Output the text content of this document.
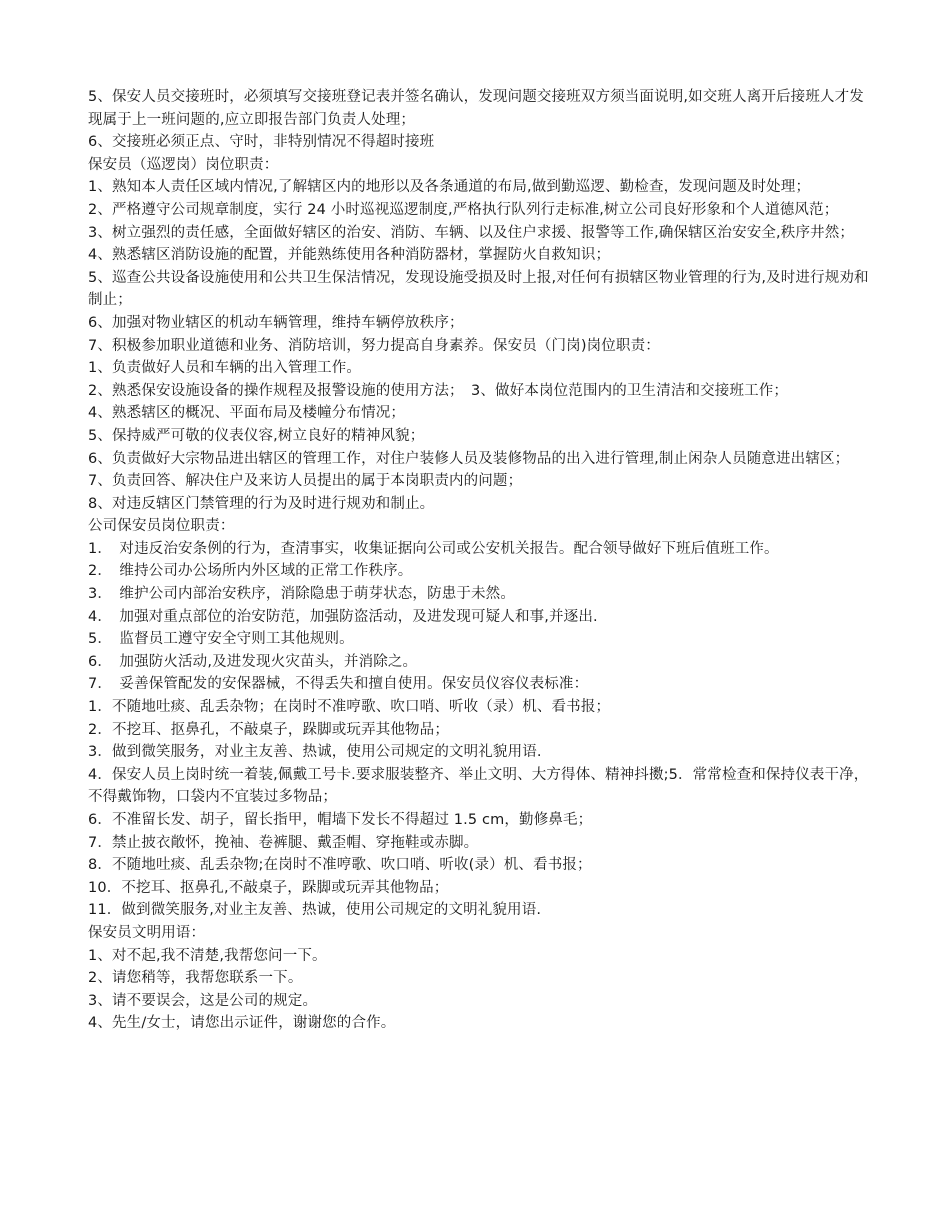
5、保安人员交接班时，必须填写交接班登记表并签名确认，发现问题交接班双方须当面说明,如交班人离开后接班人才发现属于上一班问题的,应立即报告部门负责人处理；

6、交接班必须正点、守时，非特别情况不得超时接班

保安员（巡逻岗）岗位职责：

1、熟知本人责任区域内情况,了解辖区内的地形以及各条通道的布局,做到勤巡逻、勤检查，发现问题及时处理；

2、严格遵守公司规章制度，实行 24 小时巡视巡逻制度,严格执行队列行走标准,树立公司良好形象和个人道德风范；

3、树立强烈的责任感，全面做好辖区的治安、消防、车辆、以及住户求援、报警等工作,确保辖区治安安全,秩序井然；

4、熟悉辖区消防设施的配置，并能熟练使用各种消防器材，掌握防火自救知识；

5、巡查公共设备设施使用和公共卫生保洁情况，发现设施受损及时上报,对任何有损辖区物业管理的行为,及时进行规劝和制止；

6、加强对物业辖区的机动车辆管理，维持车辆停放秩序；

7、积极参加职业道德和业务、消防培训，努力提高自身素养。保安员（门岗)岗位职责：

1、负责做好人员和车辆的出入管理工作。

2、熟悉保安设施设备的操作规程及报警设施的使用方法；　3、做好本岗位范围内的卫生清洁和交接班工作；

4、熟悉辖区的概况、平面布局及楼幢分布情况；

5、保持威严可敬的仪表仪容,树立良好的精神风貌；

6、负责做好大宗物品进出辖区的管理工作，对住户装修人员及装修物品的出入进行管理,制止闲杂人员随意进出辖区；

7、负责回答、解决住户及来访人员提出的属于本岗职责内的问题；

8、对违反辖区门禁管理的行为及时进行规劝和制止。

公司保安员岗位职责：

1．　对违反治安条例的行为，查清事实，收集证据向公司或公安机关报告。配合领导做好下班后值班工作。

2．　维持公司办公场所内外区域的正常工作秩序。

3．　维护公司内部治安秩序，消除隐患于萌芽状态，防患于未然。

4．　加强对重点部位的治安防范，加强防盗活动，及进发现可疑人和事,并逐出.

5．　监督员工遵守安全守则工其他规则。

6．　加强防火活动,及进发现火灾苗头，并消除之。

7．　妥善保管配发的安保器械，不得丢失和擅自使用。保安员仪容仪表标准：

1．不随地吐痰、乱丢杂物；在岗时不准哼歌、吹口哨、听收（录）机、看书报；

2．不挖耳、抠鼻孔，不敲桌子，跺脚或玩弄其他物品；

3．做到微笑服务，对业主友善、热诚，使用公司规定的文明礼貌用语.

4．保安人员上岗时统一着装,佩戴工号卡.要求服装整齐、举止文明、大方得体、精神抖擞;5．常常检查和保持仪表干净，不得戴饰物，口袋内不宜装过多物品；

6．不准留长发、胡子，留长指甲，帽墙下发长不得超过 1.5 cm，勤修鼻毛；

7．禁止披衣敞怀，挽袖、卷裤腿、戴歪帽、穿拖鞋或赤脚。

8．不随地吐痰、乱丢杂物;在岗时不准哼歌、吹口哨、听收(录）机、看书报；

10．不挖耳、抠鼻孔,不敲桌子，跺脚或玩弄其他物品；

11．做到微笑服务,对业主友善、热诚，使用公司规定的文明礼貌用语.

保安员文明用语：

1、对不起,我不清楚,我帮您问一下。

2、请您稍等，我帮您联系一下。

3、请不要误会，这是公司的规定。

4、先生/女士，请您出示证件，谢谢您的合作。
